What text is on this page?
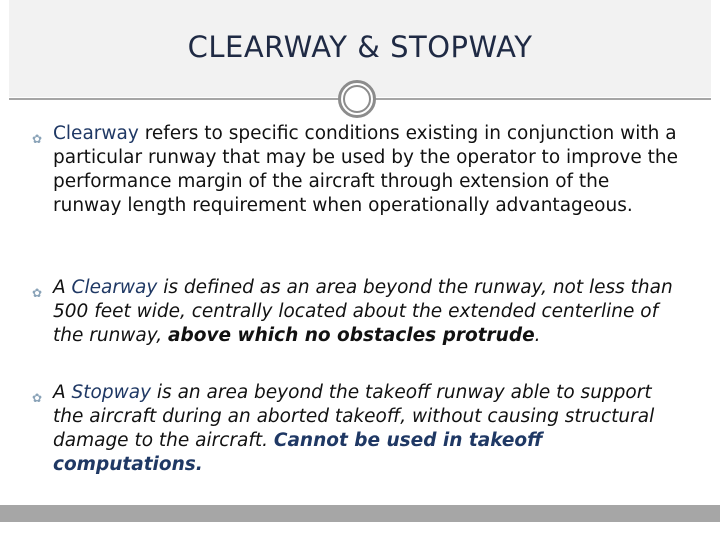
CLEARWAY & STOPWAY
✿ Clearway refers to specific conditions existing in conjunction with a particular runway that may be used by the operator to improve the performance margin of the aircraft through extension of the runway length requirement when operationally advantageous.
✿ A Clearway is defined as an area beyond the runway, not less than 500 feet wide, centrally located about the extended centerline of the runway, above which no obstacles protrude.
✿ A Stopway is an area beyond the takeoff runway able to support the aircraft during an aborted takeoff, without causing structural damage to the aircraft. Cannot be used in takeoff computations.
